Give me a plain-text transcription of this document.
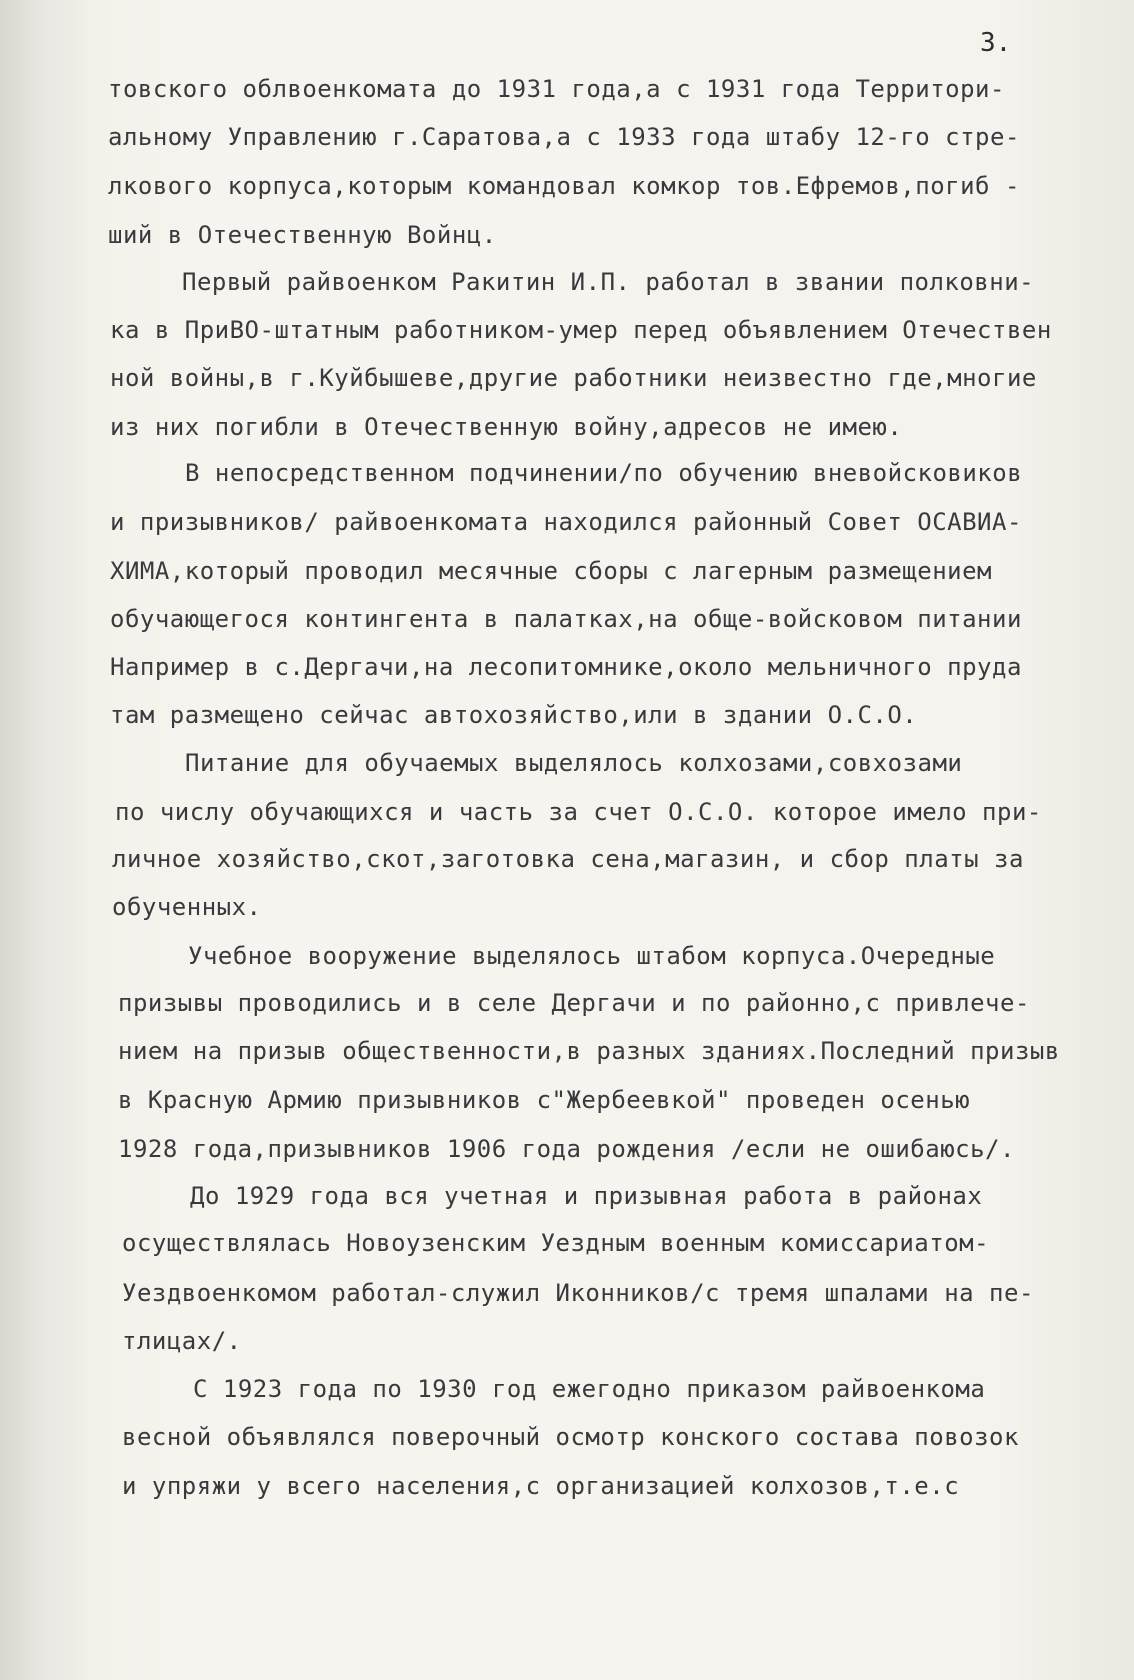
3.
товского облвоенкомата до 1931 года,а с 1931 года Территори-
альному Управлению г.Саратова,а с 1933 года штабу 12-го стре-
лкового корпуса,которым командовал комкор тов.Ефремов,погиб -
ший в Отечественную Войнц.
Первый райвоенком Ракитин И.П. работал в звании полковни-
ка в ПриВО-штатным работником-умер перед объявлением Отечествен
ной войны,в г.Куйбышеве,другие работники неизвестно где,многие
из них погибли в Отечественную войну,адресов не имею.
В непосредственном подчинении/по обучению вневойсковиков
и призывников/ райвоенкомата находился районный Совет ОСАВИА-
ХИМА,который проводил месячные сборы с лагерным размещением
обучающегося контингента в палатках,на обще-войсковом питании
Например в с.Дергачи,на лесопитомнике,около мельничного пруда
там размещено сейчас автохозяйство,или в здании О.С.О.
Питание для обучаемых выделялось колхозами,совхозами
по числу обучающихся и часть за счет О.С.О. которое имело при-
личное хозяйство,скот,заготовка сена,магазин, и сбор платы за
обученных.
Учебное вооружение выделялось штабом корпуса.Очередные
призывы проводились и в селе Дергачи и по районно,с привлече-
нием на призыв общественности,в разных зданиях.Последний призыв
в Красную Армию призывников с"Жербеевкой" проведен осенью
1928 года,призывников 1906 года рождения /если не ошибаюсь/.
До 1929 года вся учетная и призывная работа в районах
осуществлялась Новоузенским Уездным военным комиссариатом-
Уездвоенкомом работал-служил Иконников/с тремя шпалами на пе-
тлицах/.
С 1923 года по 1930 год ежегодно приказом райвоенкома
весной объявлялся поверочный осмотр конского состава повозок
и упряжи у всего населения,с организацией колхозов,т.е.с
